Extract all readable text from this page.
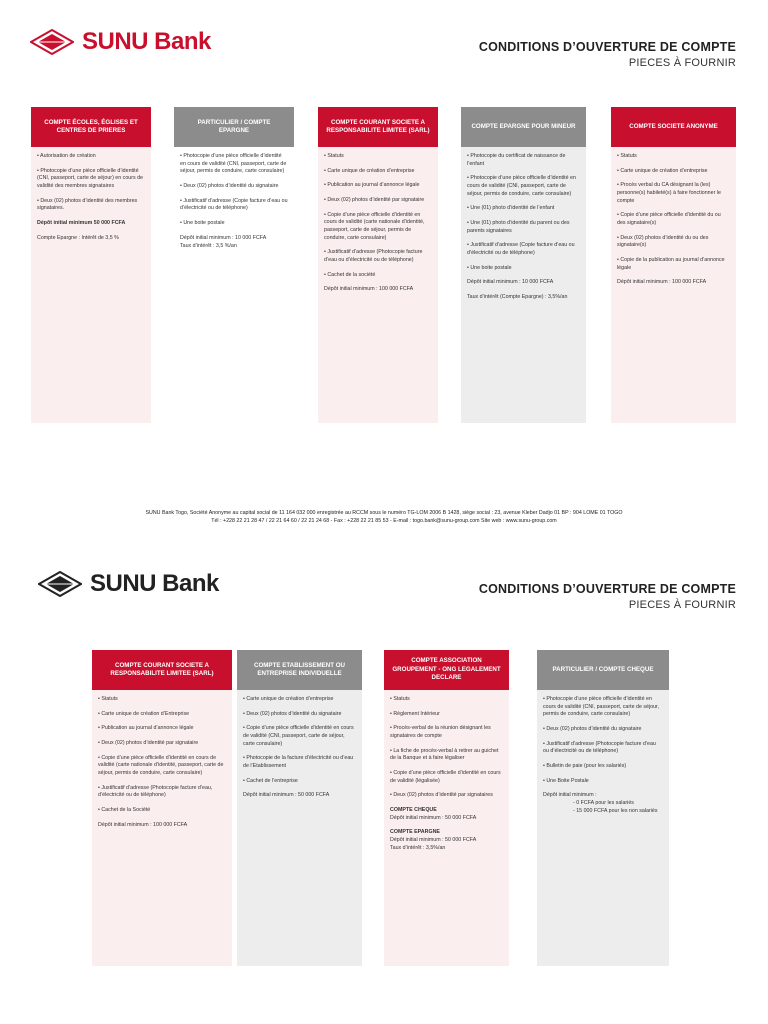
SUNU Bank	CONDITIONS D’OUVERTURE DE COMPTE
PIECES À FOURNIR
COMPTE ÉCOLES, ÉGLISES ET CENTRES DE PRIERES

• Autorisation de création

• Photocopie d’une pièce officielle d’identité (CNI, passeport, carte de séjour) en cours de validité des membres signataires

• Deux (02) photos d’identité des membres signataires.

Dépôt initial minimum 50 000 FCFA

Compte Epargne : Intérêt de 3,5 %

PARTICULIER / COMPTE EPARGNE

• Photocopie d’une pièce officielle d’identité en cours de validité (CNI, passeport, carte de séjour, permis de conduire, carte consulaire)

• Deux (02) photos d’identité du signataire

• Justificatif d’adresse (Copie facture d’eau ou d’électricité ou de téléphone)

• Une boite postale

Dépôt initial minimum : 10 000 FCFA

Taux d’intérêt : 3,5 %/an

COMPTE COURANT SOCIETE A RESPONSABILITE LIMITEE (SARL)

• Statuts

• Carte unique de création d’entreprise

• Publication au journal d’annonce légale

• Deux (02) photos d’identité par signataire

• Copie d’une pièce officielle d’identité en cours de validité (carte nationale d’identité, passeport, carte de séjour, permis de conduire, carte consulaire)

• Justificatif d’adresse (Photocopie facture d’eau ou d’électricité ou de téléphone)

• Cachet de la société

Dépôt initial minimum : 100 000 FCFA

COMPTE EPARGNE POUR MINEUR

• Photocopie du certificat de naissance de l’enfant

• Photocopie d’une pièce officielle d’identité en cours de validité (CNI, passeport, carte de séjour, permis de conduire, carte consulaire)

• Une (01) photo d’identité de l’enfant

• Une (01) photo d’identité du parent ou des parents signataires

• Justificatif d’adresse (Copie facture d’eau ou d’électricité ou de téléphone)

• Une boite postale

Dépôt initial minimum : 10 000 FCFA

Taux d’intérêt (Compte Epargne) : 3,5%/an

COMPTE SOCIETE ANONYME

• Statuts

• Carte unique de création d’entreprise

• Procès verbal du CA désignant la (les) personne(s) habileté(s) à faire fonctionner le compte

• Copie d’une pièce officielle d’identité du ou des signataire(s)

• Deux (02) photos d’identité du ou des signataire(s)

• Copie de la publication au journal d’annonce légale

Dépôt initial minimum : 100 000 FCFA

SUNU Bank Togo, Société Anonyme au capital social de 11 164 032 000 enregistrée au RCCM sous le numéro TG-LOM 2006 B 1428, siège social : 23, avenue Kleber Dadjo 01 BP : 904 LOME 01 TOGO
Tél : +228 22 21 28 47 / 22 21 64 60 / 22 21 24 68 - Fax : +228 22 21 85 53 - E-mail : togo.bank@sunu-group.com Site web : www.sunu-group.com
SUNU Bank	CONDITIONS D’OUVERTURE DE COMPTE
PIECES À FOURNIR
COMPTE COURANT SOCIETE A RESPONSABILITE LIMITEE (SARL)

• Statuts

• Carte unique de création d’Entreprise

• Publication au journal d’annonce légale

• Deux (02) photos d’identité par signataire

• Copie d’une pièce officielle d’identité en cours de validité (carte nationale d’identité, passeport, carte de séjour, permis de conduire, carte consulaire)

• Justificatif d’adresse (Photocopie facture d’eau, d’électricité ou de téléphone)

• Cachet de la Société

Dépôt initial minimum : 100 000 FCFA

COMPTE ETABLISSEMENT OU ENTREPRISE INDIVIDUELLE

• Carte unique de création d’entreprise

• Deux (02) photos d’identité du signataire

• Copie d’une pièce officielle d’identité en cours de validité (CNI, passeport, carte de séjour, carte consulaire)

• Photocopie de la facture d’électricité ou d’eau de l’Etablissement

• Cachet de l’entreprise

Dépôt initial minimum : 50 000 FCFA

COMPTE ASSOCIATION GROUPEMENT - ONG LEGALEMENT DECLARE

• Statuts

• Règlement Intérieur

• Procès-verbal de la réunion désignant les signataires de compte

• La fiche de procès-verbal à retirer au guichet de la Banque et à faire légaliser

• Copie d’une pièce officielle d’identité en cours de validité (légalisée)

• Deux (02) photos d’identité par signataires

COMPTE CHEQUE

Dépôt initial minimum : 50 000 FCFA

COMPTE EPARGNE

Dépôt initial minimum : 50 000 FCFA

Taux d’intérêt : 3,5%/an

PARTICULIER / COMPTE CHEQUE

• Photocopie d’une pièce officielle d’identité en cours de validité (CNI, passeport, carte de séjour, permis de conduire, carte consulaire)

• Deux (02) photos d’identité du signataire

• Justificatif d’adresse (Photocopie facture d’eau ou d’électricité ou de téléphone)

• Bulletin de paie (pour les salariés)

• Une Boite Postale

Dépôt initial minimum :

- 0 FCFA pour les salariés

- 15 000 FCFA pour les non salariés
